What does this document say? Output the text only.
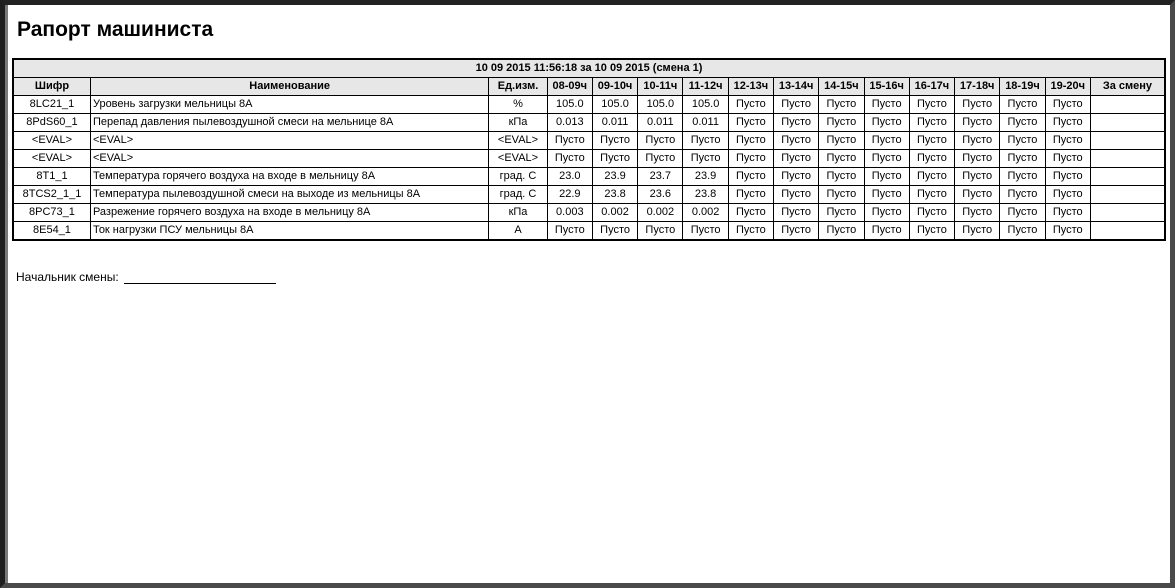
Рапорт машиниста
10 09 2015 11:56:18 за 10 09 2015 (смена 1)															
Шифр	Наименование	Ед.изм.	08-09ч	09-10ч	10-11ч	11-12ч	12-13ч	13-14ч	14-15ч	15-16ч	16-17ч	17-18ч	18-19ч	19-20ч	За смену
8LC21_1	Уровень загрузки мельницы 8А	%	105.0	105.0	105.0	105.0	Пусто	Пусто	Пусто	Пусто	Пусто	Пусто	Пусто	Пусто	
8PdS60_1	Перепад давления пылевоздушной смеси на мельнице 8А	кПа	0.013	0.011	0.011	0.011	Пусто	Пусто	Пусто	Пусто	Пусто	Пусто	Пусто	Пусто	
<EVAL>	<EVAL>	<EVAL>	Пусто	Пусто	Пусто	Пусто	Пусто	Пусто	Пусто	Пусто	Пусто	Пусто	Пусто	Пусто	
<EVAL>	<EVAL>	<EVAL>	Пусто	Пусто	Пусто	Пусто	Пусто	Пусто	Пусто	Пусто	Пусто	Пусто	Пусто	Пусто	
8T1_1	Температура горячего воздуха на входе в мельницу 8А	град. С	23.0	23.9	23.7	23.9	Пусто	Пусто	Пусто	Пусто	Пусто	Пусто	Пусто	Пусто	
8TCS2_1_1	Температура пылевоздушной смеси на выходе из мельницы 8А	град. С	22.9	23.8	23.6	23.8	Пусто	Пусто	Пусто	Пусто	Пусто	Пусто	Пусто	Пусто	
8PC73_1	Разрежение горячего воздуха на входе в мельницу 8А	кПа	0.003	0.002	0.002	0.002	Пусто	Пусто	Пусто	Пусто	Пусто	Пусто	Пусто	Пусто	
8E54_1	Ток нагрузки ПСУ мельницы 8А	А	Пусто	Пусто	Пусто	Пусто	Пусто	Пусто	Пусто	Пусто	Пусто	Пусто	Пусто	Пусто	
Начальник смены:
